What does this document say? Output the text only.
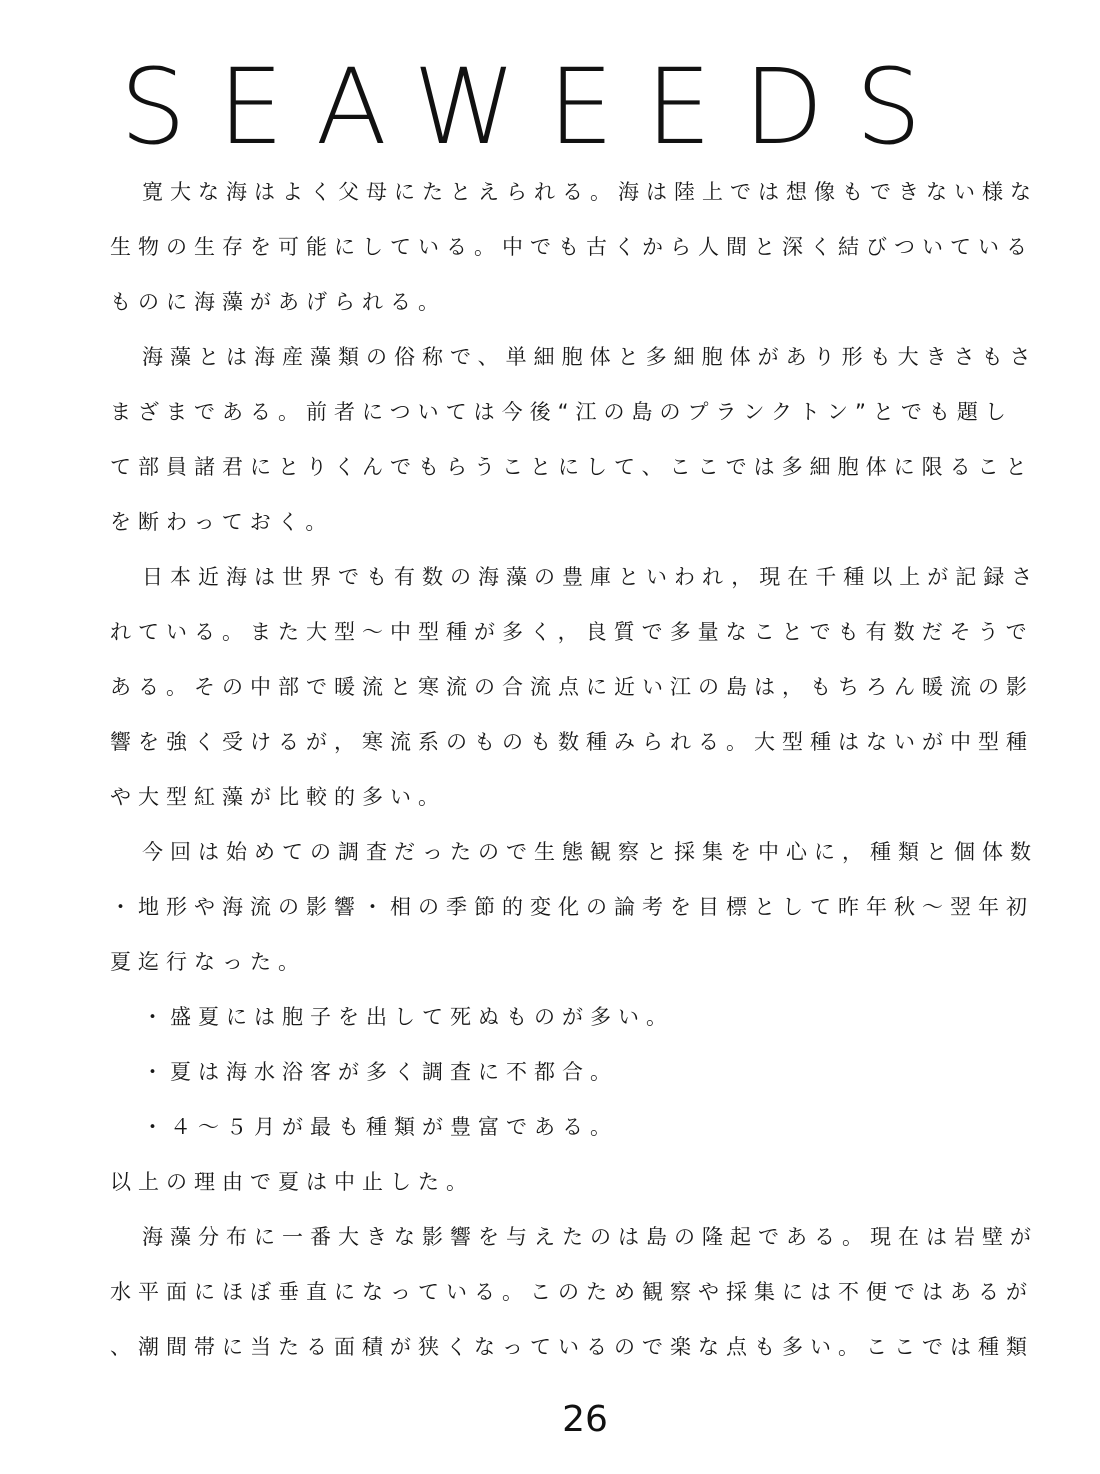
SEAWEEDS
寛大な海はよく父母にたとえられる。海は陸上では想像もできない様な
生物の生存を可能にしている。中でも古くから人間と深く結びついている
ものに海藻があげられる。
海藻とは海産藻類の俗称で、単細胞体と多細胞体があり形も大きさもさ
まざまである。前者については今後“江の島のプランクトン”とでも題し
て部員諸君にとりくんでもらうことにして、ここでは多細胞体に限ること
を断わっておく。
日本近海は世界でも有数の海藻の豊庫といわれ，現在千種以上が記録さ
れている。また大型～中型種が多く，良質で多量なことでも有数だそうで
ある。その中部で暖流と寒流の合流点に近い江の島は，もちろん暖流の影
響を強く受けるが，寒流系のものも数種みられる。大型種はないが中型種
や大型紅藻が比較的多い。
今回は始めての調査だったので生態観察と採集を中心に，種類と個体数
・地形や海流の影響・相の季節的変化の論考を目標として昨年秋～翌年初
夏迄行なった。
・盛夏には胞子を出して死ぬものが多い。
・夏は海水浴客が多く調査に不都合。
・４～５月が最も種類が豊富である。
以上の理由で夏は中止した。
海藻分布に一番大きな影響を与えたのは島の隆起である。現在は岩壁が
水平面にほぼ垂直になっている。このため観察や採集には不便ではあるが
、潮間帯に当たる面積が狭くなっているので楽な点も多い。ここでは種類
26
